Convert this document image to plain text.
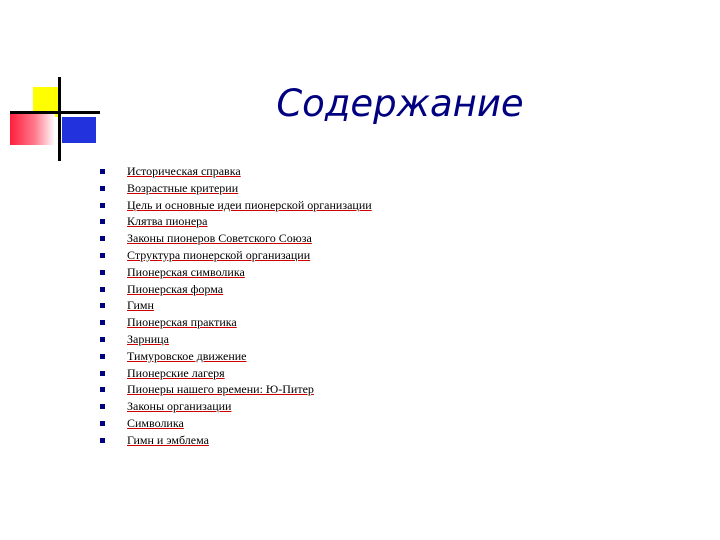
Содержание
Историческая справка
Возрастные критерии
Цель и основные идеи пионерской организации
Клятва пионера
Законы пионеров Советского Союза
Структура пионерской организации
Пионерская символика
Пионерская форма
Гимн
Пионерская практика
Зарница
Тимуровское движение
Пионерские лагеря
Пионеры нашего времени: Ю-Питер
Законы организации
Символика
Гимн и эмблема
